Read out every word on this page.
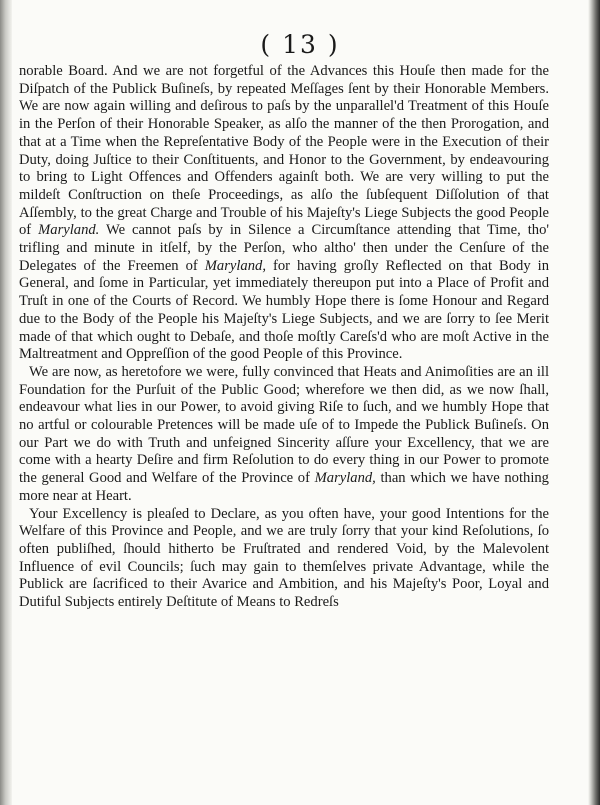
( 13 )

norable Board. And we are not forgetful of the Advances this Houſe then made for the Diſpatch of the Publick Buſineſs, by repeated Meſſages ſent by their Honorable Members. We are now again willing and deſirous to paſs by the unparallel'd Treatment of this Houſe in the Perſon of their Honorable Speaker, as alſo the manner of the then Prorogation, and that at a Time when the Repreſentative Body of the People were in the Execution of their Duty, doing Juſtice to their Conſtituents, and Honor to the Government, by endeavouring to bring to Light Offences and Offenders againſt both. We are very willing to put the mildeſt Conſtruction on theſe Proceedings, as alſo the ſubſequent Diſſolution of that Aſſembly, to the great Charge and Trouble of his Majeſty's Liege Subjects the good People of Maryland. We cannot paſs by in Silence a Circumſtance attending that Time, tho' trifling and minute in itſelf, by the Perſon, who altho' then under the Cenſure of the Delegates of the Freemen of Maryland, for having groſly Reflected on that Body in General, and ſome in Particular, yet immediately thereupon put into a Place of Profit and Truſt in one of the Courts of Record. We humbly Hope there is ſome Honour and Regard due to the Body of the People his Majeſty's Liege Subjects, and we are ſorry to ſee Merit made of that which ought to Debaſe, and thoſe moſtly Careſs'd who are moſt Active in the Maltreatment and Oppreſſion of the good People of this Province.

We are now, as heretofore we were, fully convinced that Heats and Animoſities are an ill Foundation for the Purſuit of the Public Good; wherefore we then did, as we now ſhall, endeavour what lies in our Power, to avoid giving Riſe to ſuch, and we humbly Hope that no artful or colourable Pretences will be made uſe of to Impede the Publick Buſineſs. On our Part we do with Truth and unfeigned Sincerity aſſure your Excellency, that we are come with a hearty Deſire and firm Reſolution to do every thing in our Power to promote the general Good and Welfare of the Province of Maryland, than which we have nothing more near at Heart.

Your Excellency is pleaſed to Declare, as you often have, your good Intentions for the Welfare of this Province and People, and we are truly ſorry that your kind Reſolutions, ſo often publiſhed, ſhould hitherto be Fruſtrated and rendered Void, by the Malevolent Influence of evil Councils; ſuch may gain to themſelves private Advantage, while the Publick are ſacrificed to their Avarice and Ambition, and his Majeſty's Poor, Loyal and Dutiful Subjects entirely Deſtitute of Means to Redreſs
